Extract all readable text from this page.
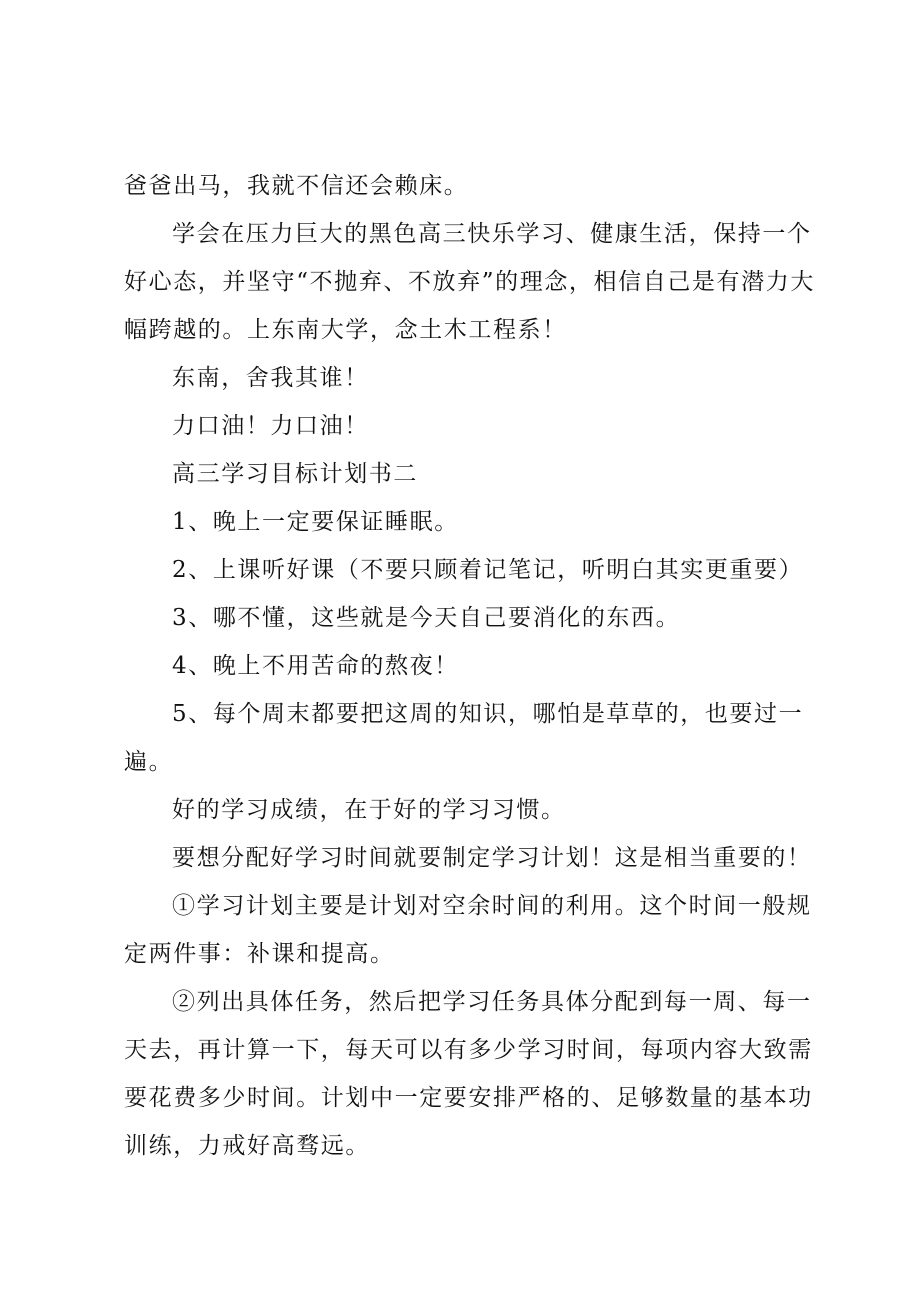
爸爸出马，我就不信还会赖床。

学会在压力巨大的黑色高三快乐学习、健康生活，保持一个好心态，并坚守“不抛弃、不放弃”的理念，相信自己是有潜力大幅跨越的。上东南大学，念土木工程系！

东南，舍我其谁！

力口油！力口油！

高三学习目标计划书二

1、晚上一定要保证睡眠。

2、上课听好课（不要只顾着记笔记，听明白其实更重要）

3、哪不懂，这些就是今天自己要消化的东西。

4、晚上不用苦命的熬夜！

5、每个周末都要把这周的知识，哪怕是草草的，也要过一遍。

好的学习成绩，在于好的学习习惯。

要想分配好学习时间就要制定学习计划！这是相当重要的！

①学习计划主要是计划对空余时间的利用。这个时间一般规定两件事：补课和提高。

②列出具体任务，然后把学习任务具体分配到每一周、每一天去，再计算一下，每天可以有多少学习时间，每项内容大致需要花费多少时间。计划中一定要安排严格的、足够数量的基本功训练，力戒好高骛远。
